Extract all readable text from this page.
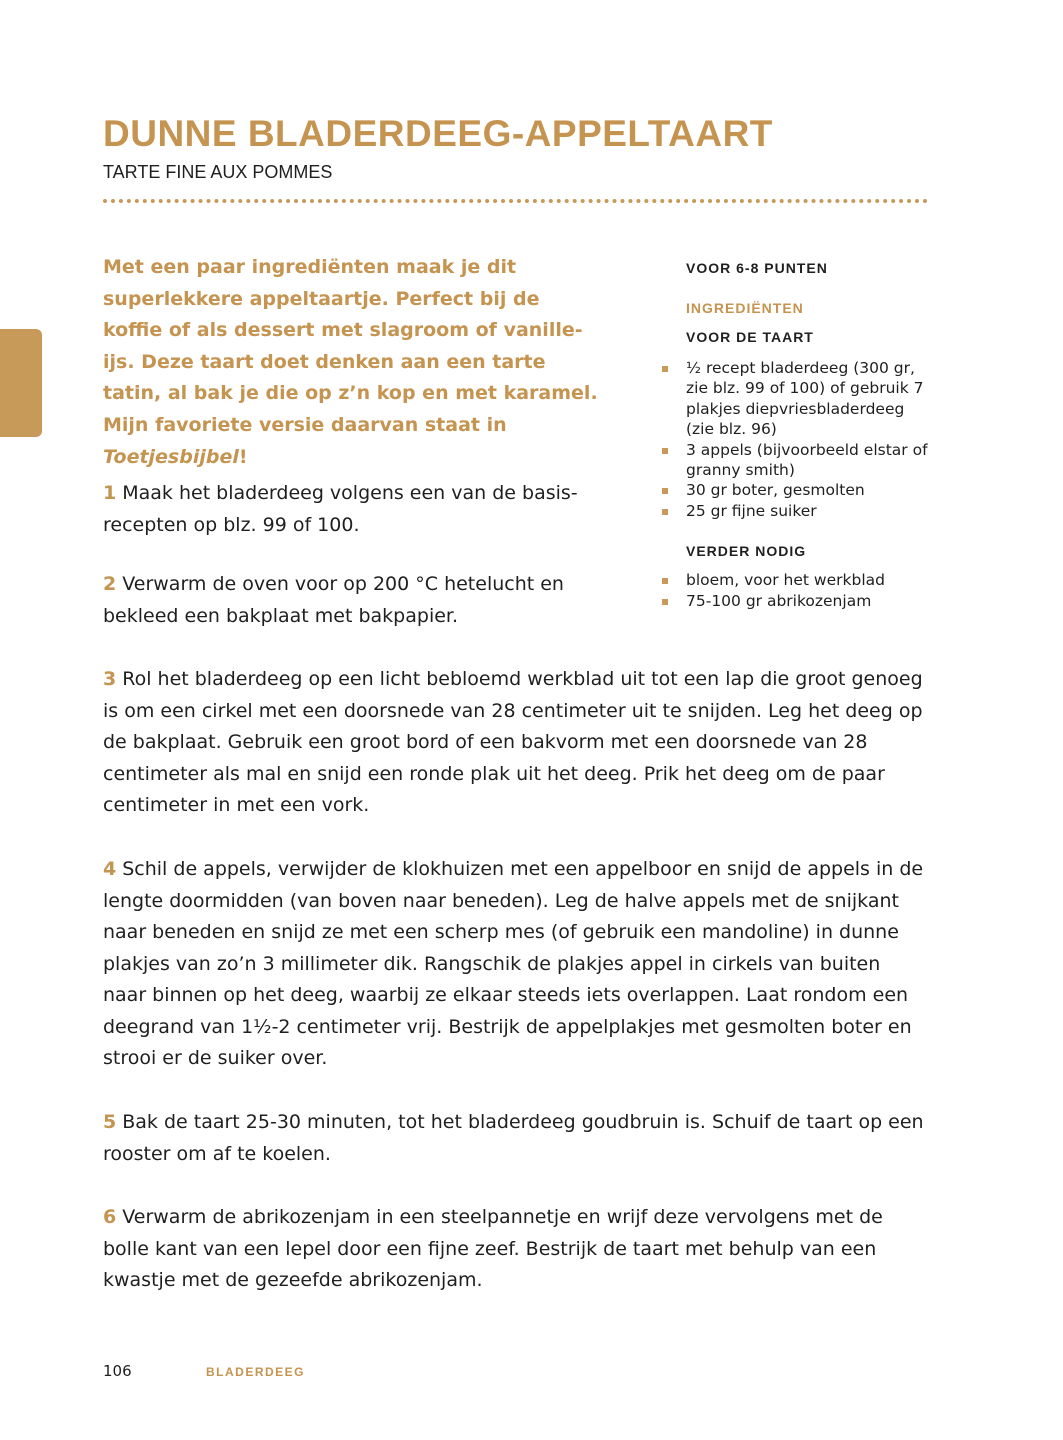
DUNNE BLADERDEEG-APPELTAART

TARTE FINE AUX POMMES

Met een paar ingrediënten maak je dit superlekkere appeltaartje. Perfect bij de koffie of als dessert met slagroom of vanille-ijs. Deze taart doet denken aan een tarte tatin, al bak je die op z’n kop en met karamel. Mijn favoriete versie daarvan staat in Toetjesbijbel!

1 Maak het bladerdeeg volgens een van de basis-recepten op blz. 99 of 100.

2 Verwarm de oven voor op 200 °C hetelucht en bekleed een bakplaat met bakpapier.

3 Rol het bladerdeeg op een licht bebloemd werkblad uit tot een lap die groot genoeg is om een cirkel met een doorsnede van 28 centimeter uit te snijden. Leg het deeg op de bakplaat. Gebruik een groot bord of een bakvorm met een doorsnede van 28 centimeter als mal en snijd een ronde plak uit het deeg. Prik het deeg om de paar centimeter in met een vork.

4 Schil de appels, verwijder de klokhuizen met een appelboor en snijd de appels in de lengte doormidden (van boven naar beneden). Leg de halve appels met de snijkant naar beneden en snijd ze met een scherp mes (of gebruik een mandoline) in dunne plakjes van zo’n 3 millimeter dik. Rangschik de plakjes appel in cirkels van buiten naar binnen op het deeg, waarbij ze elkaar steeds iets overlappen. Laat rondom een deegrand van 1½-2 centimeter vrij. Bestrijk de appelplakjes met gesmolten boter en strooi er de suiker over.

5 Bak de taart 25-30 minuten, tot het bladerdeeg goudbruin is. Schuif de taart op een rooster om af te koelen.

6 Verwarm de abrikozenjam in een steelpannetje en wrijf deze vervolgens met de bolle kant van een lepel door een fijne zeef. Bestrijk de taart met behulp van een kwastje met de gezeefde abrikozenjam.

VOOR 6-8 PUNTEN

INGREDIËNTEN

VOOR DE TAART

½ recept bladerdeeg (300 gr, zie blz. 99 of 100) of gebruik 7 plakjes diepvriesbladerdeeg (zie blz. 96)
3 appels (bijvoorbeeld elstar of granny smith)
30 gr boter, gesmolten
25 gr fijne suiker

VERDER NODIG

bloem, voor het werkblad
75-100 gr abrikozenjam

106	BLADERDEEG
